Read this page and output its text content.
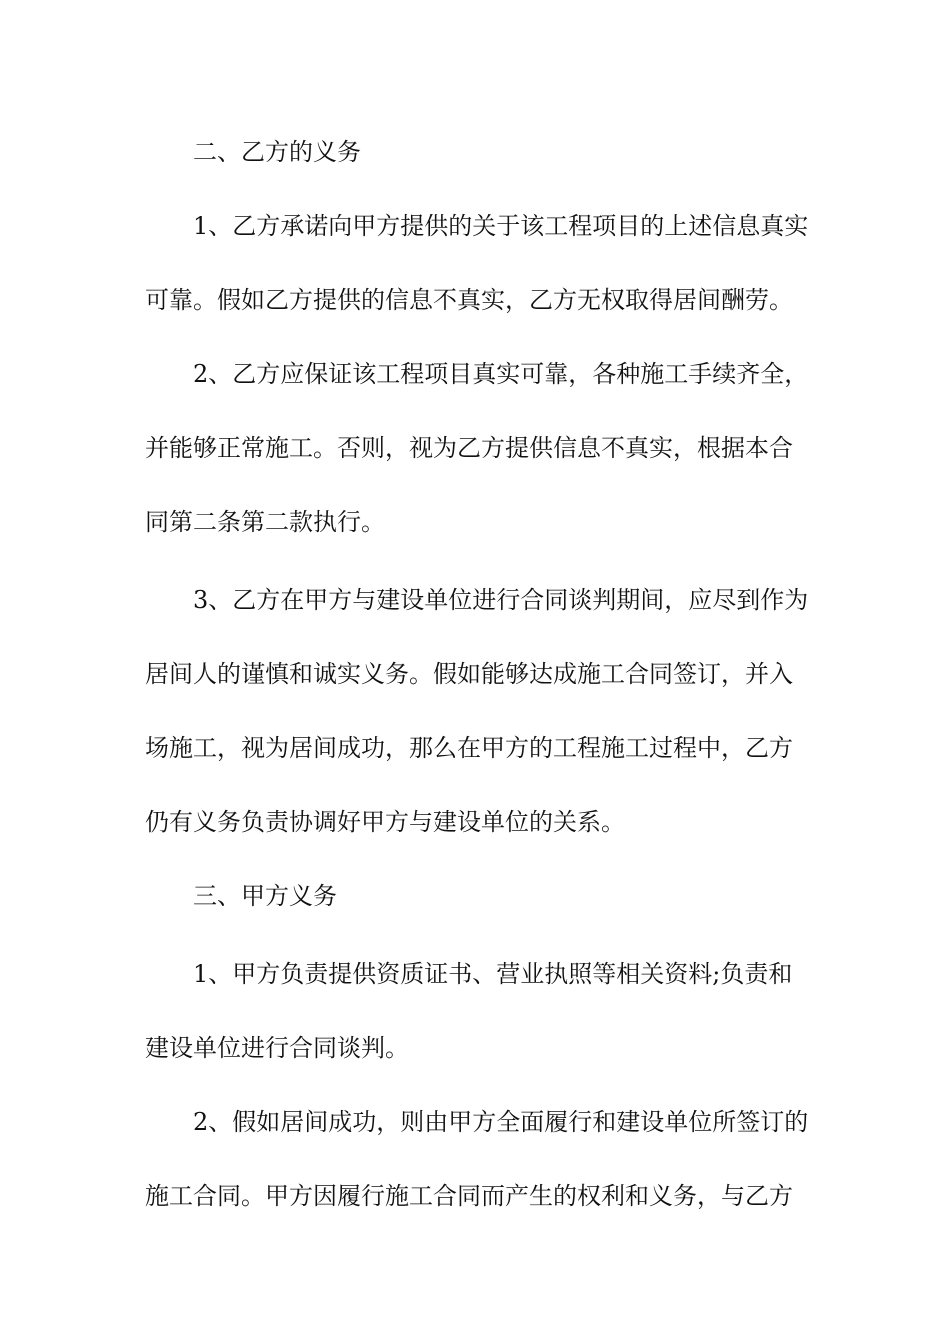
二、乙方的义务
1、乙方承诺向甲方提供的关于该工程项目的上述信息真实
可靠。假如乙方提供的信息不真实，乙方无权取得居间酬劳。
2、乙方应保证该工程项目真实可靠，各种施工手续齐全，
并能够正常施工。否则，视为乙方提供信息不真实，根据本合
同第二条第二款执行。
3、乙方在甲方与建设单位进行合同谈判期间，应尽到作为
居间人的谨慎和诚实义务。假如能够达成施工合同签订，并入
场施工，视为居间成功，那么在甲方的工程施工过程中，乙方
仍有义务负责协调好甲方与建设单位的关系。
三、甲方义务
1、甲方负责提供资质证书、营业执照等相关资料;负责和
建设单位进行合同谈判。
2、假如居间成功，则由甲方全面履行和建设单位所签订的
施工合同。甲方因履行施工合同而产生的权利和义务，与乙方
